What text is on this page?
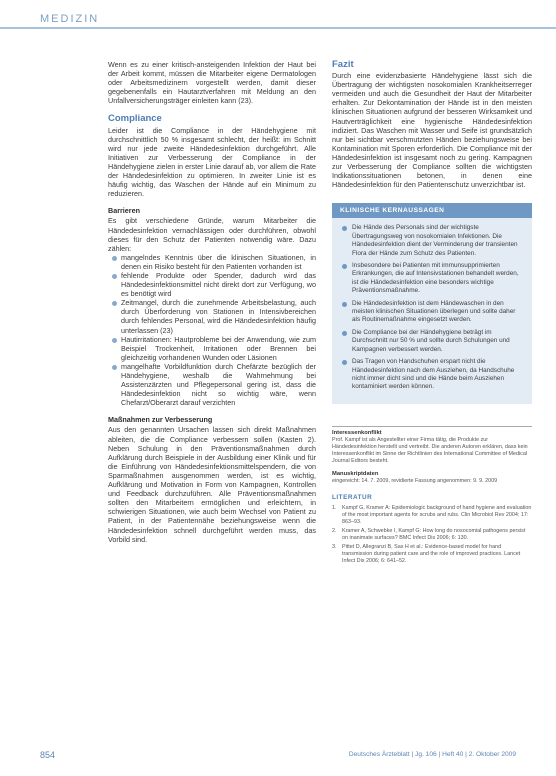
MEDIZIN

Wenn es zu einer kritisch-ansteigenden Infektion der Haut bei der Arbeit kommt, müssen die Mitarbeiter eigene Dermatologen oder Arbeitsmedizinern vorgestellt werden, damit dieser gegebenenfalls ein Hautarztverfahren mit Meldung an den Unfallversicherungsträger einleiten kann (23).

Compliance

Leider ist die Compliance in der Händehygiene mit durchschnittlich 50 % insgesamt schlecht, der heißt: im Schnitt wird nur jede zweite Händedesinfektion durchgeführt. Alle Initiativen zur Verbesserung der Compliance in der Händehygiene zielen in erster Linie darauf ab, vor allem die Rate der Händedesinfektion zu optimieren. In zweiter Linie ist es häufig wichtig, das Waschen der Hände auf ein Minimum zu reduzieren.

Barrieren

Es gibt verschiedene Gründe, warum Mitarbeiter die Händedesinfektion vernachlässigen oder durchführen, obwohl dieses für den Schutz der Patienten notwendig wäre. Dazu zählen:

mangelndes Kenntnis über die klinischen Situationen, in denen ein Risiko besteht für den Patienten vorhanden ist
fehlende Produkte oder Spender, dadurch wird das Händedesinfektionsmittel nicht direkt dort zur Verfügung, wo es benötigt wird
Zeitmangel, durch die zunehmende Arbeitsbelastung, auch durch Überforderung von Stationen in Intensivbereichen durch fehlendes Personal, wird die Händedesinfektion häufig unterlassen (23)
Hautirritationen: Hautprobleme bei der Anwendung, wie zum Beispiel Trockenheit, Irritationen oder Brennen bei gleichzeitig vorhandenen Wunden oder Läsionen
mangelhafte Vorbildfunktion durch Chefärzte bezüglich der Händehygiene, weshalb die Wahrnehmung bei Assistenzärzten und Pflegepersonal gering ist, dass die Händedesinfektion nicht so wichtig wäre, wenn Chefarzt/Oberarzt darauf verzichten
Maßnahmen zur Verbesserung

Aus den genannten Ursachen lassen sich direkt Maßnahmen ableiten, die die Compliance verbessern sollen (Kasten 2). Neben Schulung in den Präventionsmaßnahmen durch Aufklärung durch Beispiele in der Ausbildung einer Klinik und für die Einführung von Händedesinfektionsmittelspendern, die von Sparmaßnahmen ausgenommen werden, ist es wichtig, Aufklärung und Motivation in Form von Kampagnen, Kontrollen und Feedback durchzuführen. Alle Präventionsmaßnahmen sollten den Mitarbeitern ermöglichen und erleichtern, in schwierigen Situationen, wie auch beim Wechsel von Patient zu Patient, in der Patientennähe beziehungsweise wenn die Händedesinfektion schnell durchgeführt werden muss, das Vorbild sind.

Fazit

Durch eine evidenzbasierte Händehygiene lässt sich die Übertragung der wichtigsten nosokomialen Krankheitserreger vermeiden und auch die Gesundheit der Haut der Mitarbeiter erhalten. Zur Dekontamination der Hände ist in den meisten klinischen Situationen aufgrund der besseren Wirksamkeit und Hautverträglichkeit eine hygienische Händedesinfektion indiziert. Das Waschen mit Wasser und Seife ist grundsätzlich nur bei sichtbar verschmutzten Händen beziehungsweise bei Kontamination mit Sporen erforderlich. Die Compliance mit der Händedesinfektion ist insgesamt noch zu gering. Kampagnen zur Verbesserung der Compliance sollten die wichtigsten Indikationssituationen betonen, in denen eine Händedesinfektion für den Patientenschutz unverzichtbar ist.

KLINISCHE KERNAUSSAGEN
Die Hände des Personals sind der wichtigste Übertragungsweg von nosokomialen Infektionen. Die Händedesinfektion dient der Verminderung der transienten Flora der Hände zum Schutz des Patienten.
Insbesondere bei Patienten mit immunsupprimierten Erkrankungen, die auf Intensivstationen behandelt werden, ist die Händedesinfektion eine besonders wichtige Präventionsmaßnahme.
Die Händedesinfektion ist dem Händewaschen in den meisten klinischen Situationen überlegen und sollte daher als Routinemaßnahme eingesetzt werden.
Die Compliance bei der Händehygiene beträgt im Durchschnitt nur 50 % und sollte durch Schulungen und Kampagnen verbessert werden.
Das Tragen von Handschuhen erspart nicht die Händedesinfektion nach dem Ausziehen, da Handschuhe nicht immer dicht sind und die Hände beim Ausziehen kontaminiert werden können.
Interessenkonflikt
Prof. Kampf ist als Angestellter einer Firma tätig, die Produkte zur Händedesinfektion herstellt und vertreibt. Die anderen Autoren erklären, dass kein Interessenkonflikt im Sinne der Richtlinien des International Committee of Medical Journal Editors besteht.
Manuskriptdaten
eingereicht: 14. 7. 2009, revidierte Fassung angenommen: 9. 9. 2009
LITERATUR
1. Kampf G, Kramer A: Epidemiologic background of hand hygiene and evaluation of the most important agents for scrubs and rubs. Clin Microbiol Rev 2004; 17: 863–93.
2. Kramer A, Schwebke I, Kampf G: How long do nosocomial pathogens persist on inanimate surfaces? BMC Infect Dis 2006; 6: 130.
3. Pittet D, Allegranzi B, Sax H et al.: Evidence-based model for hand transmission during patient care and the role of improved practices. Lancet Infect Dis 2006; 6: 641–52.
854	Deutsches Ärzteblatt | Jg. 106 | Heft 40 | 2. Oktober 2009
